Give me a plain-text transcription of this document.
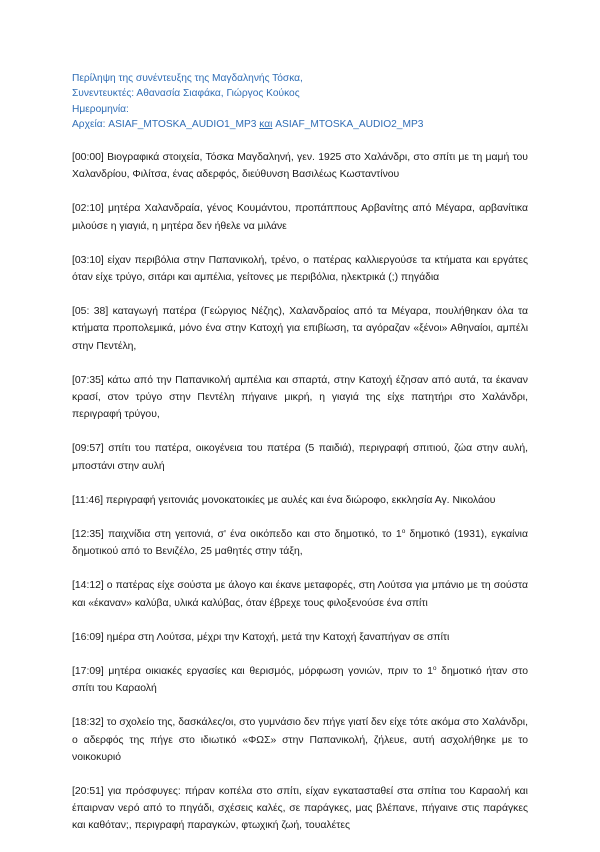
Περίληψη της συνέντευξης της Μαγδαληνής Τόσκα,
Συνεντευκτές: Αθανασία Σιαφάκα, Γιώργος Κούκος
Ημερομηνία:
Αρχεία: ASIAF_MTOSKA_AUDIO1_MP3 και ASIAF_MTOSKA_AUDIO2_MP3

[00:00] Βιογραφικά στοιχεία, Τόσκα Μαγδαληνή, γεν. 1925 στο Χαλάνδρι, στο σπίτι με τη μαμή του Χαλανδρίου, Φιλίτσα, ένας αδερφός, διεύθυνση Βασιλέως Κωσταντίνου

[02:10] μητέρα Χαλανδραία, γένος Κουμάντου, προπάππους Αρβανίτης από Μέγαρα, αρβανίτικα μιλούσε η γιαγιά, η μητέρα δεν ήθελε να μιλάνε

[03:10] είχαν περιβόλια στην Παπανικολή, τρένο, ο πατέρας καλλιεργούσε τα κτήματα και εργάτες όταν είχε τρύγο, σιτάρι και αμπέλια, γείτονες με περιβόλια, ηλεκτρικά (;) πηγάδια

[05: 38] καταγωγή πατέρα (Γεώργιος Νέζης), Χαλανδραίος από τα Μέγαρα, πουλήθηκαν όλα τα κτήματα προπολεμικά, μόνο ένα στην Κατοχή για επιβίωση, τα αγόραζαν «ξένοι» Αθηναίοι, αμπέλι στην Πεντέλη,

[07:35] κάτω από την Παπανικολή αμπέλια και σπαρτά, στην Κατοχή έζησαν από αυτά, τα έκαναν κρασί, στον τρύγο στην Πεντέλη πήγαινε μικρή, η γιαγιά της είχε πατητήρι στο Χαλάνδρι, περιγραφή τρύγου,

[09:57] σπίτι του πατέρα, οικογένεια του πατέρα (5 παιδιά), περιγραφή σπιτιού, ζώα στην αυλή, μποστάνι στην αυλή

[11:46] περιγραφή γειτονιάς μονοκατοικίες με αυλές και ένα διώροφο, εκκλησία Αγ. Νικολάου

[12:35] παιχνίδια στη γειτονιά, σ' ένα οικόπεδο και στο δημοτικό, το $1^o$ δημοτικό (1931), εγκαίνια δημοτικού από το Βενιζέλο, 25 μαθητές στην τάξη,

[14:12] ο πατέρας είχε σούστα με άλογο και έκανε μεταφορές, στη Λούτσα για μπάνιο με τη σούστα και «έκαναν» καλύβα, υλικά καλύβας, όταν έβρεχε τους φιλοξενούσε ένα σπίτι

[16:09] ημέρα στη Λούτσα, μέχρι την Κατοχή, μετά την Κατοχή ξαναπήγαν σε σπίτι

[17:09] μητέρα οικιακές εργασίες και θερισμός, μόρφωση γονιών, πριν το $1^o$ δημοτικό ήταν στο σπίτι του Καραολή

[18:32] το σχολείο της, δασκάλες/οι, στο γυμνάσιο δεν πήγε γιατί δεν είχε τότε ακόμα στο Χαλάνδρι, ο αδερφός της πήγε στο ιδιωτικό «ΦΩΣ» στην Παπανικολή, ζήλευε, αυτή ασχολήθηκε με το νοικοκυριό

[20:51] για πρόσφυγες: πήραν κοπέλα στο σπίτι, είχαν εγκατασταθεί στα σπίτια του Καραολή και έπαιρναν νερό από το πηγάδι, σχέσεις καλές, σε παράγκες, μας βλέπανε, πήγαινε στις παράγκες και καθόταν;, περιγραφή παραγκών, φτωχική ζωή, τουαλέτες
